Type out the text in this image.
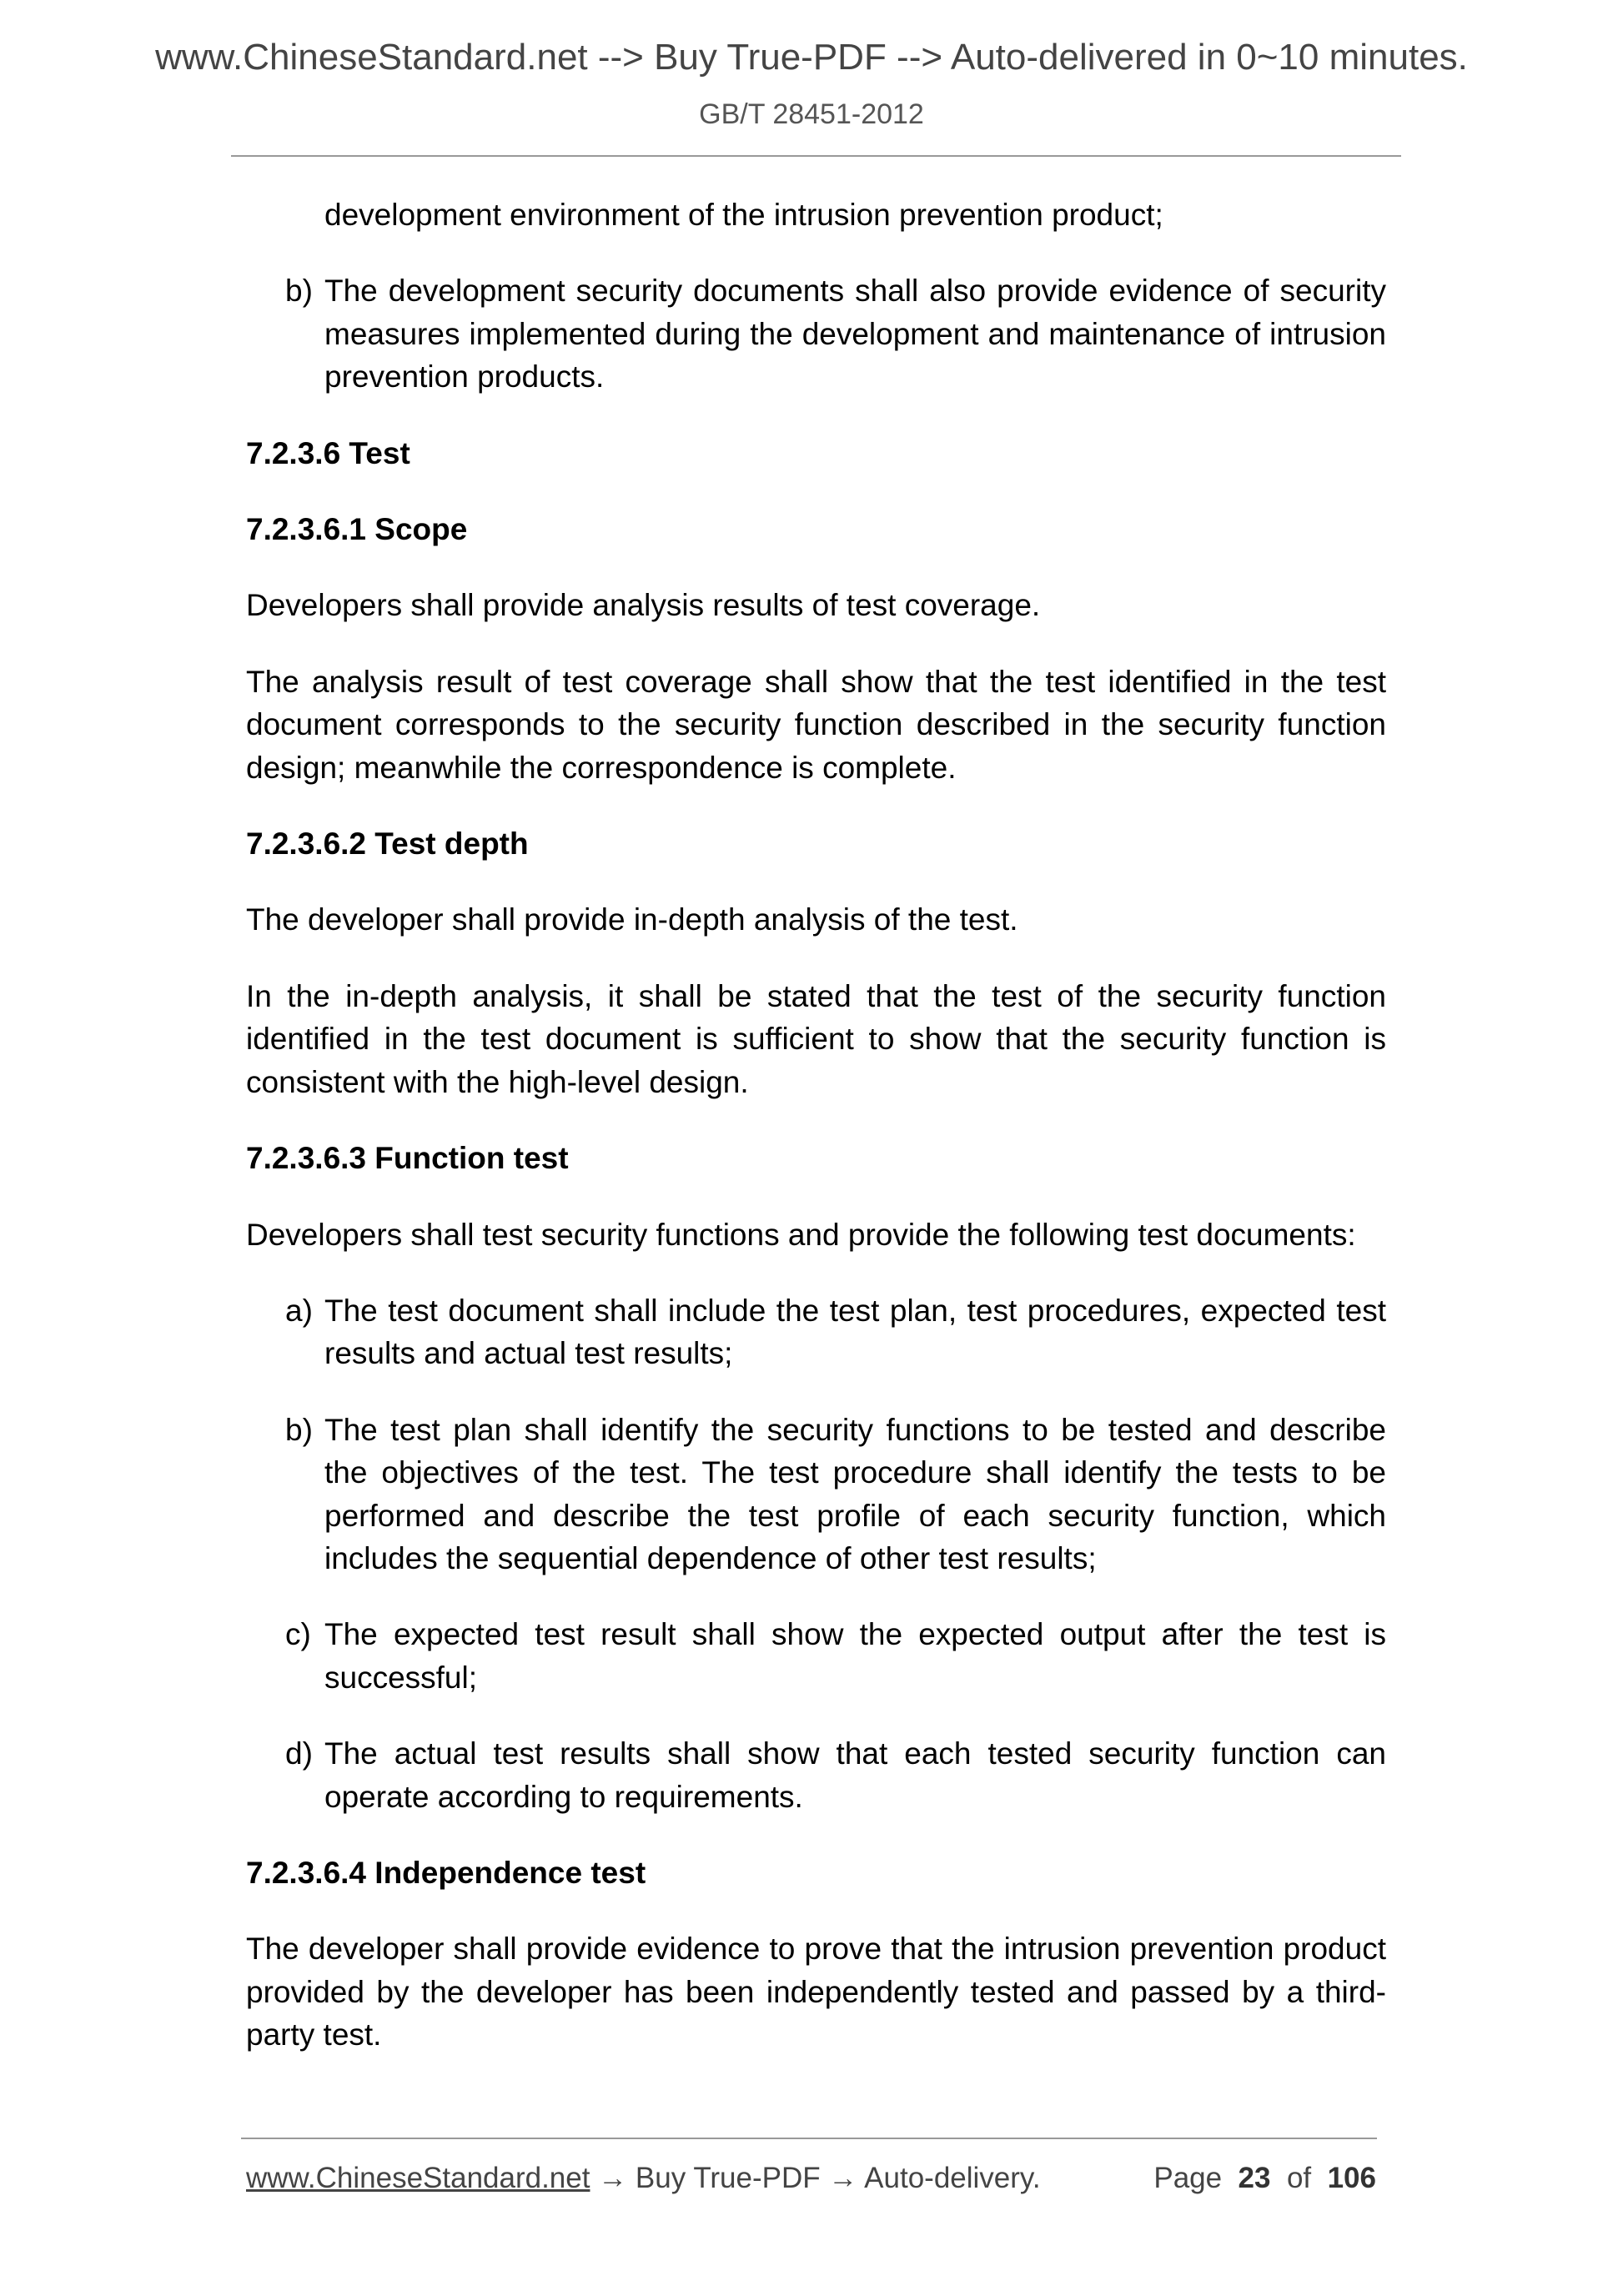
www.ChineseStandard.net --> Buy True-PDF --> Auto-delivered in 0~10 minutes.
GB/T 28451-2012

development environment of the intrusion prevention product;

b) The development security documents shall also provide evidence of security measures implemented during the development and maintenance of intrusion prevention products.
7.2.3.6 Test
7.2.3.6.1 Scope

Developers shall provide analysis results of test coverage.

The analysis result of test coverage shall show that the test identified in the test document corresponds to the security function described in the security function design; meanwhile the correspondence is complete.

7.2.3.6.2 Test depth

The developer shall provide in-depth analysis of the test.

In the in-depth analysis, it shall be stated that the test of the security function identified in the test document is sufficient to show that the security function is consistent with the high-level design.

7.2.3.6.3 Function test

Developers shall test security functions and provide the following test documents:

a) The test document shall include the test plan, test procedures, expected test results and actual test results;
b) The test plan shall identify the security functions to be tested and describe the objectives of the test. The test procedure shall identify the tests to be performed and describe the test profile of each security function, which includes the sequential dependence of other test results;
c) The expected test result shall show the expected output after the test is successful;
d) The actual test results shall show that each tested security function can operate according to requirements.
7.2.3.6.4 Independence test

The developer shall provide evidence to prove that the intrusion prevention product provided by the developer has been independently tested and passed by a third-party test.

www.ChineseStandard.net → Buy True-PDF → Auto-delivery.	Page 23 of 106
